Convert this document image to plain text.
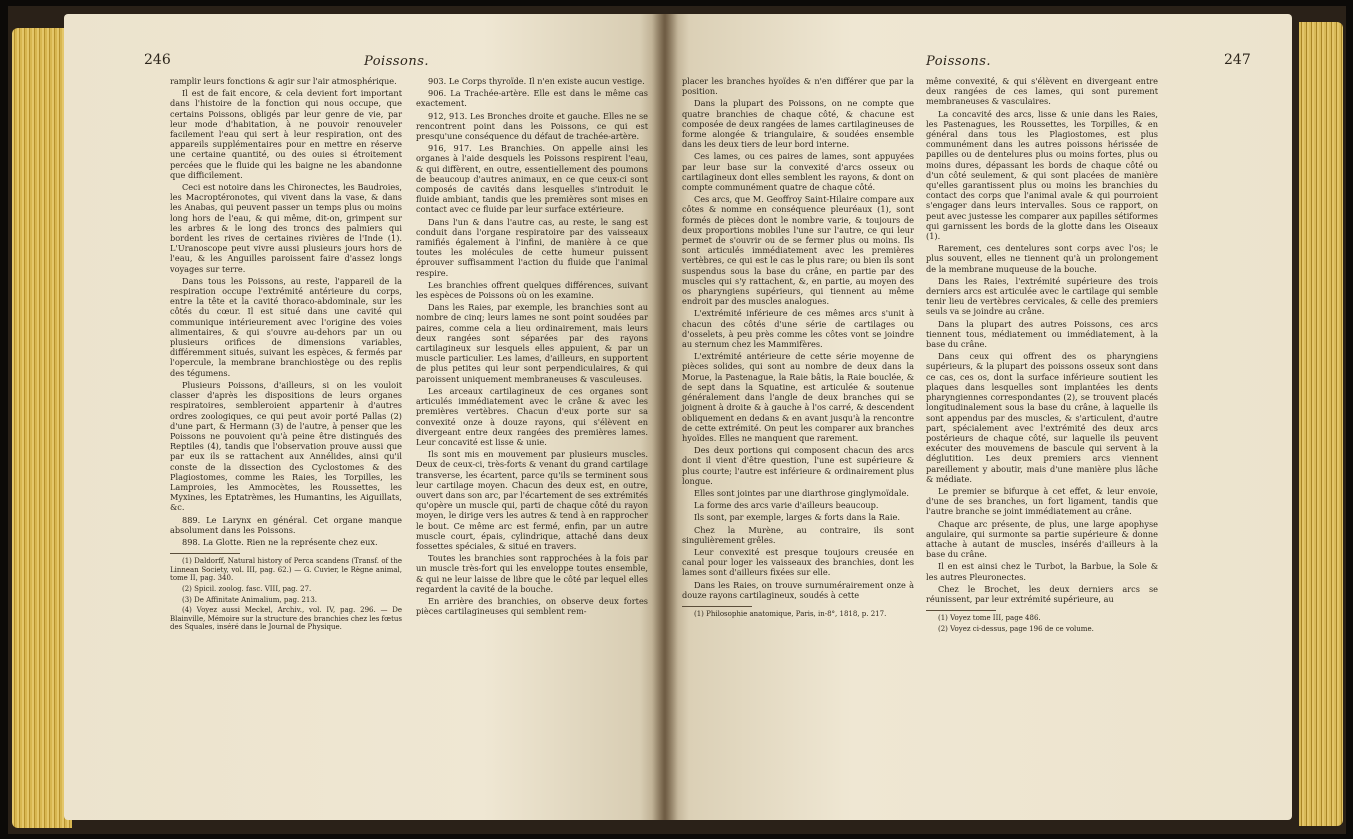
246	Poissons.

ramplir leurs fonctions & agir sur l'air atmosphérique.

Il est de fait encore, & cela devient fort important dans l'histoire de la fonction qui nous occupe, que certains Poissons, obligés par leur genre de vie, par leur mode d'habitation, à ne pouvoir renouveler facilement l'eau qui sert à leur respiration, ont des appareils supplémentaires pour en mettre en réserve une certaine quantité, ou des ouies si étroitement percées que le fluide qui les baigne ne les abandonne que difficilement.

Ceci est notoire dans les Chironectes, les Baudroies, les Macroptéronotes, qui vivent dans la vase, & dans les Anabas, qui peuvent passer un temps plus ou moins long hors de l'eau, & qui même, dit-on, grimpent sur les arbres & le long des troncs des palmiers qui bordent les rives de certaines rivières de l'Inde (1). L'Uranoscope peut vivre aussi plusieurs jours hors de l'eau, & les Anguilles paroissent faire d'assez longs voyages sur terre.

Dans tous les Poissons, au reste, l'appareil de la respiration occupe l'extrémité antérieure du corps, entre la tête et la cavité thoraco-abdominale, sur les côtés du cœur. Il est situé dans une cavité qui communique intérieurement avec l'origine des voies alimentaires, & qui s'ouvre au-dehors par un ou plusieurs orifices de dimensions variables, différemment situés, suivant les espèces, & fermés par l'opercule, la membrane branchiostège ou des replis des tégumens.

Plusieurs Poissons, d'ailleurs, si on les vouloit classer d'après les dispositions de leurs organes respiratoires, sembleroient appartenir à d'autres ordres zoologiques, ce qui peut avoir porté Pallas (2) d'une part, & Hermann (3) de l'autre, à penser que les Poissons ne pouvoient qu'à peine être distingués des Reptiles (4), tandis que l'observation prouve aussi que par eux ils se rattachent aux Annélides, ainsi qu'il conste de la dissection des Cyclostomes & des Plagiostomes, comme les Raies, les Torpilles, les Lamproies, les Ammocètes, les Roussettes, les Myxines, les Eptatrèmes, les Humantins, les Aiguillats, &c.

889. Le Larynx en général. Cet organe manque absolument dans les Poissons.

898. La Glotte. Rien ne la représente chez eux.

(1) Daldorff, Natural history of Perca scandens (Transf. of the Linnean Society, vol. III, pag. 62.) — G. Cuvier, le Règne animal, tome II, pag. 340.

(2) Spicil. zoolog. fasc. VIII, pag. 27.

(3) De Affinitate Animalium, pag. 213.

(4) Voyez aussi Meckel, Archiv., vol. IV, pag. 296. — De Blainville, Mémoire sur la structure des branchies chez les fœtus des Squales, inséré dans le Journal de Physique.

903. Le Corps thyroïde. Il n'en existe aucun vestige.

906. La Trachée-artère. Elle est dans le même cas exactement.

912, 913. Les Bronches droite et gauche. Elles ne se rencontrent point dans les Poissons, ce qui est presqu'une conséquence du défaut de trachée-artère.

916, 917. Les Branchies. On appelle ainsi les organes à l'aide desquels les Poissons respirent l'eau, & qui diffèrent, en outre, essentiellement des poumons de beaucoup d'autres animaux, en ce que ceux-ci sont composés de cavités dans lesquelles s'introduit le fluide ambiant, tandis que les premières sont mises en contact avec ce fluide par leur surface extérieure.

Dans l'un & dans l'autre cas, au reste, le sang est conduit dans l'organe respiratoire par des vaisseaux ramifiés également à l'infini, de manière à ce que toutes les molécules de cette humeur puissent éprouver suffisamment l'action du fluide que l'animal respire.

Les branchies offrent quelques différences, suivant les espèces de Poissons où on les examine.

Dans les Raies, par exemple, les branchies sont au nombre de cinq; leurs lames ne sont point soudées par paires, comme cela a lieu ordinairement, mais leurs deux rangées sont séparées par des rayons cartilagineux sur lesquels elles appuient, & par un muscle particulier. Les lames, d'ailleurs, en supportent de plus petites qui leur sont perpendiculaires, & qui paroissent uniquement membraneuses & vasculeuses.

Les arceaux cartilagineux de ces organes sont articulés immédiatement avec le crâne & avec les premières vertèbres. Chacun d'eux porte sur sa convexité onze à douze rayons, qui s'élèvent en divergeant entre deux rangées des premières lames. Leur concavité est lisse & unie.

Ils sont mis en mouvement par plusieurs muscles. Deux de ceux-ci, très-forts & venant du grand cartilage transverse, les écartent, parce qu'ils se terminent sous leur cartilage moyen. Chacun des deux est, en outre, ouvert dans son arc, par l'écartement de ses extrémités qu'opère un muscle qui, parti de chaque côté du rayon moyen, le dirige vers les autres & tend à en rapprocher le bout. Ce même arc est fermé, enfin, par un autre muscle court, épais, cylindrique, attaché dans deux fossettes spéciales, & situé en travers.

Toutes les branchies sont rapprochées à la fois par un muscle très-fort qui les enveloppe toutes ensemble, & qui ne leur laisse de libre que le côté par lequel elles regardent la cavité de la bouche.

En arrière des branchies, on observe deux fortes pièces cartilagineuses qui semblent rem-

Poissons.	247

placer les branches hyoïdes & n'en différer que par la position.

Dans la plupart des Poissons, on ne compte que quatre branchies de chaque côté, & chacune est composée de deux rangées de lames cartilagineuses de forme alongée & triangulaire, & soudées ensemble dans les deux tiers de leur bord interne.

Ces lames, ou ces paires de lames, sont appuyées par leur base sur la convexité d'arcs osseux ou cartilagineux dont elles semblent les rayons, & dont on compte communément quatre de chaque côté.

Ces arcs, que M. Geoffroy Saint-Hilaire compare aux côtes & nomme en conséquence pleuréaux (1), sont formés de pièces dont le nombre varie, & toujours de deux proportions mobiles l'une sur l'autre, ce qui leur permet de s'ouvrir ou de se fermer plus ou moins. Ils sont articulés immédiatement avec les premières vertèbres, ce qui est le cas le plus rare; ou bien ils sont suspendus sous la base du crâne, en partie par des muscles qui s'y rattachent, &, en partie, au moyen des os pharyngiens supérieurs, qui tiennent au même endroit par des muscles analogues.

L'extrémité inférieure de ces mêmes arcs s'unit à chacun des côtés d'une série de cartilages ou d'osselets, à peu près comme les côtes vont se joindre au sternum chez les Mammifères.

L'extrémité antérieure de cette série moyenne de pièces solides, qui sont au nombre de deux dans la Morue, la Pastenague, la Raie bâtis, la Raie bouclée, & de sept dans la Squatine, est articulée & soutenue généralement dans l'angle de deux branches qui se joignent à droite & à gauche à l'os carré, & descendent obliquement en dedans & en avant jusqu'à la rencontre de cette extrémité. On peut les comparer aux branches hyoïdes. Elles ne manquent que rarement.

Des deux portions qui composent chacun des arcs dont il vient d'être question, l'une est supérieure & plus courte; l'autre est inférieure & ordinairement plus longue.

Elles sont jointes par une diarthrose ginglymoïdale.

La forme des arcs varie d'ailleurs beaucoup.

Ils sont, par exemple, larges & forts dans la Raie.

Chez la Murène, au contraire, ils sont singulièrement grêles.

Leur convexité est presque toujours creusée en canal pour loger les vaisseaux des branchies, dont les lames sont d'ailleurs fixées sur elle.

Dans les Raies, on trouve surnumérairement onze à douze rayons cartilagineux, soudés à cette

(1) Philosophie anatomique, Paris, in-8°, 1818, p. 217.

même convexité, & qui s'élèvent en divergeant entre deux rangées de ces lames, qui sont purement membraneuses & vasculaires.

La concavité des arcs, lisse & unie dans les Raies, les Pastenagues, les Roussettes, les Torpilles, & en général dans tous les Plagiostomes, est plus communément dans les autres poissons hérissée de papilles ou de dentelures plus ou moins fortes, plus ou moins dures, dépassant les bords de chaque côté ou d'un côté seulement, & qui sont placées de manière qu'elles garantissent plus ou moins les branchies du contact des corps que l'animal avale & qui pourroient s'engager dans leurs intervalles. Sous ce rapport, on peut avec justesse les comparer aux papilles sétiformes qui garnissent les bords de la glotte dans les Oiseaux (1).

Rarement, ces dentelures sont corps avec l'os; le plus souvent, elles ne tiennent qu'à un prolongement de la membrane muqueuse de la bouche.

Dans les Raies, l'extrémité supérieure des trois derniers arcs est articulée avec le cartilage qui semble tenir lieu de vertèbres cervicales, & celle des premiers seuls va se joindre au crâne.

Dans la plupart des autres Poissons, ces arcs tiennent tous, médiatement ou immédiatement, à la base du crâne.

Dans ceux qui offrent des os pharyngiens supérieurs, & la plupart des poissons osseux sont dans ce cas, ces os, dont la surface inférieure soutient les plaques dans lesquelles sont implantées les dents pharyngiennes correspondantes (2), se trouvent placés longitudinalement sous la base du crâne, à laquelle ils sont appendus par des muscles, & s'articulent, d'autre part, spécialement avec l'extrémité des deux arcs postérieurs de chaque côté, sur laquelle ils peuvent exécuter des mouvemens de bascule qui servent à la déglutition. Les deux premiers arcs viennent pareillement y aboutir, mais d'une manière plus lâche & médiate.

Le premier se bifurque à cet effet, & leur envoie, d'une de ses branches, un fort ligament, tandis que l'autre branche se joint immédiatement au crâne.

Chaque arc présente, de plus, une large apophyse angulaire, qui surmonte sa partie supérieure & donne attache à autant de muscles, insérés d'ailleurs à la base du crâne.

Il en est ainsi chez le Turbot, la Barbue, la Sole & les autres Pleuronectes.

Chez le Brochet, les deux derniers arcs se réunissent, par leur extrémité supérieure, au

(1) Voyez tome III, page 486.

(2) Voyez ci-dessus, page 196 de ce volume.
